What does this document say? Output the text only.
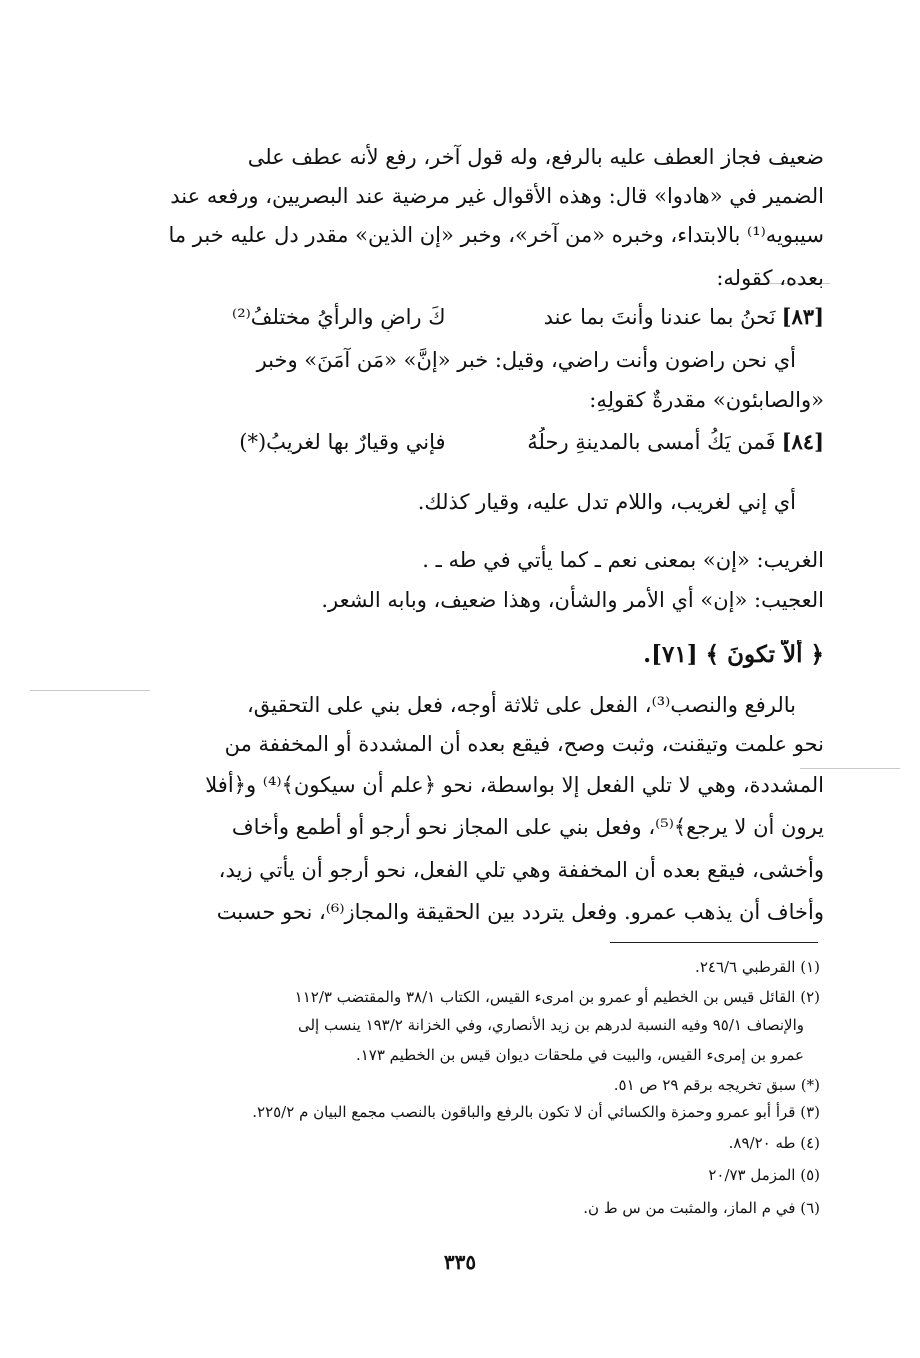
ضعيف فجاز العطف عليه بالرفع، وله قول آخر، رفع لأنه عطف على
الضمير في «هادوا» قال: وهذه الأقوال غير مرضية عند البصريين، ورفعه عند
سيبويه⁽¹⁾ بالابتداء، وخبره «من آخر»، وخبر «إن الذين» مقدر دل عليه خبر ما
بعده، كقوله:
[٨٣]
نَحنُ بما عندنا وأنتَ بما عند
كَ راضٍ والرأيُ مختلفُ⁽²⁾
أي نحن راضون وأنت راضي، وقيل: خبر «إنَّ» «مَن آمَنَ» وخبر
«والصابئون» مقدرةٌ كقولِهِ:
[٨٤]
فَمن يَكُ أمسى بالمدينةِ رحلُهُ
فإني وقيارٌ بها لغريبُ(*)
أي إني لغريب، واللام تدل عليه، وقيار كذلك.
الغريب: «إن» بمعنى نعم ـ كما يأتي في طه ـ .
العجيب: «إن» أي الأمر والشأن، وهذا ضعيف، وبابه الشعر.
﴿ ألاَّ تكونَ ﴾ [٧١].
بالرفع والنصب⁽³⁾، الفعل على ثلاثة أوجه، فعل بني على التحقيق،
نحو علمت وتيقنت، وثبت وصح، فيقع بعده أن المشددة أو المخففة من
المشددة، وهي لا تلي الفعل إلا بواسطة، نحو ﴿علم أن سيكون﴾⁽⁴⁾ و﴿أفلا
يرون أن لا يرجع﴾⁽⁵⁾، وفعل بني على المجاز نحو أرجو أو أطمع وأخاف
وأخشى، فيقع بعده أن المخففة وهي تلي الفعل، نحو أرجو أن يأتي زيد،
وأخاف أن يذهب عمرو. وفعل يتردد بين الحقيقة والمجاز⁽⁶⁾، نحو حسبت
(١) القرطبي ٢٤٦/٦.
(٢) القائل قيس بن الخطيم أو عمرو بن امرىء القيس، الكتاب ٣٨/١ والمقتضب ١١٢/٣
والإنصاف ٩٥/١ وفيه النسبة لدرهم بن زيد الأنصاري، وفي الخزانة ١٩٣/٢ ينسب إلى
عمرو بن إمرىء القيس، والبيت في ملحقات ديوان قيس بن الخطيم ١٧٣.
(*) سبق تخريجه برقم ٢٩ ص ٥١.
(٣) قرأ أبو عمرو وحمزة والكسائي أن لا تكون بالرفع والباقون بالنصب مجمع البيان م ٢٢٥/٢.
(٤) طه ٨٩/٢٠.
(٥) المزمل ٢٠/٧٣
(٦) في م الماز، والمثبت من س ط ن.
٣٣٥
